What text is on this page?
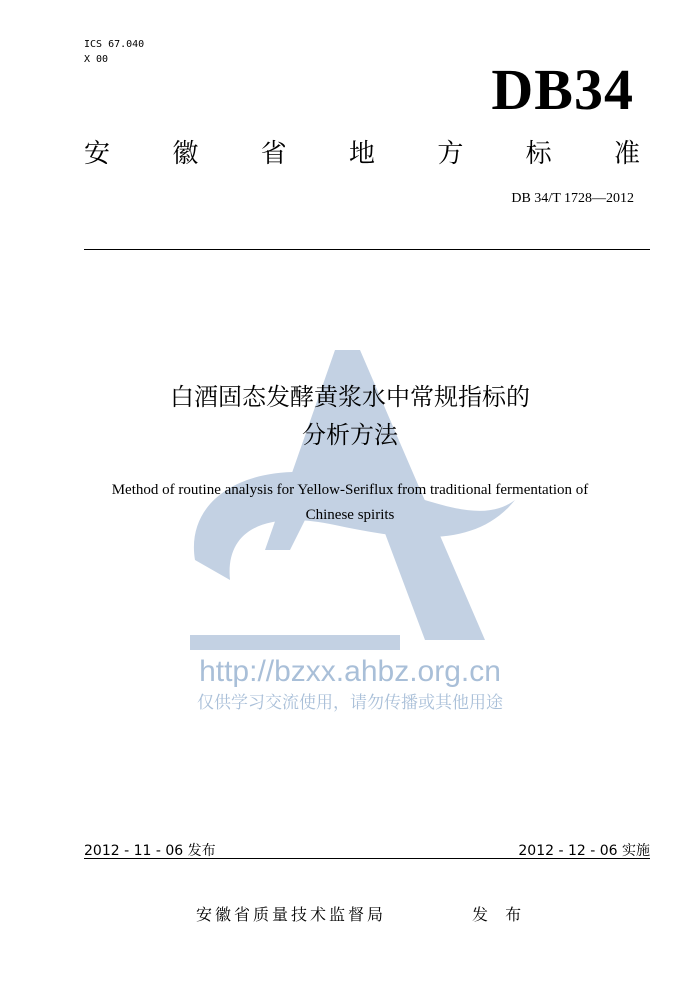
ICS 67.040
X 00	DB34
安 徽 省 地 方 标 准
DB 34/T 1728—2012
白酒固态发酵黄浆水中常规指标的
分析方法
Method of routine analysis for Yellow-Seriflux from traditional fermentation of
Chinese spirits
http://bzxx.ahbz.org.cn
仅供学习交流使用，请勿传播或其他用途
2012 - 11 - 06 发布	2012 - 12 - 06 实施
安徽省质量技术监督局	发 布
